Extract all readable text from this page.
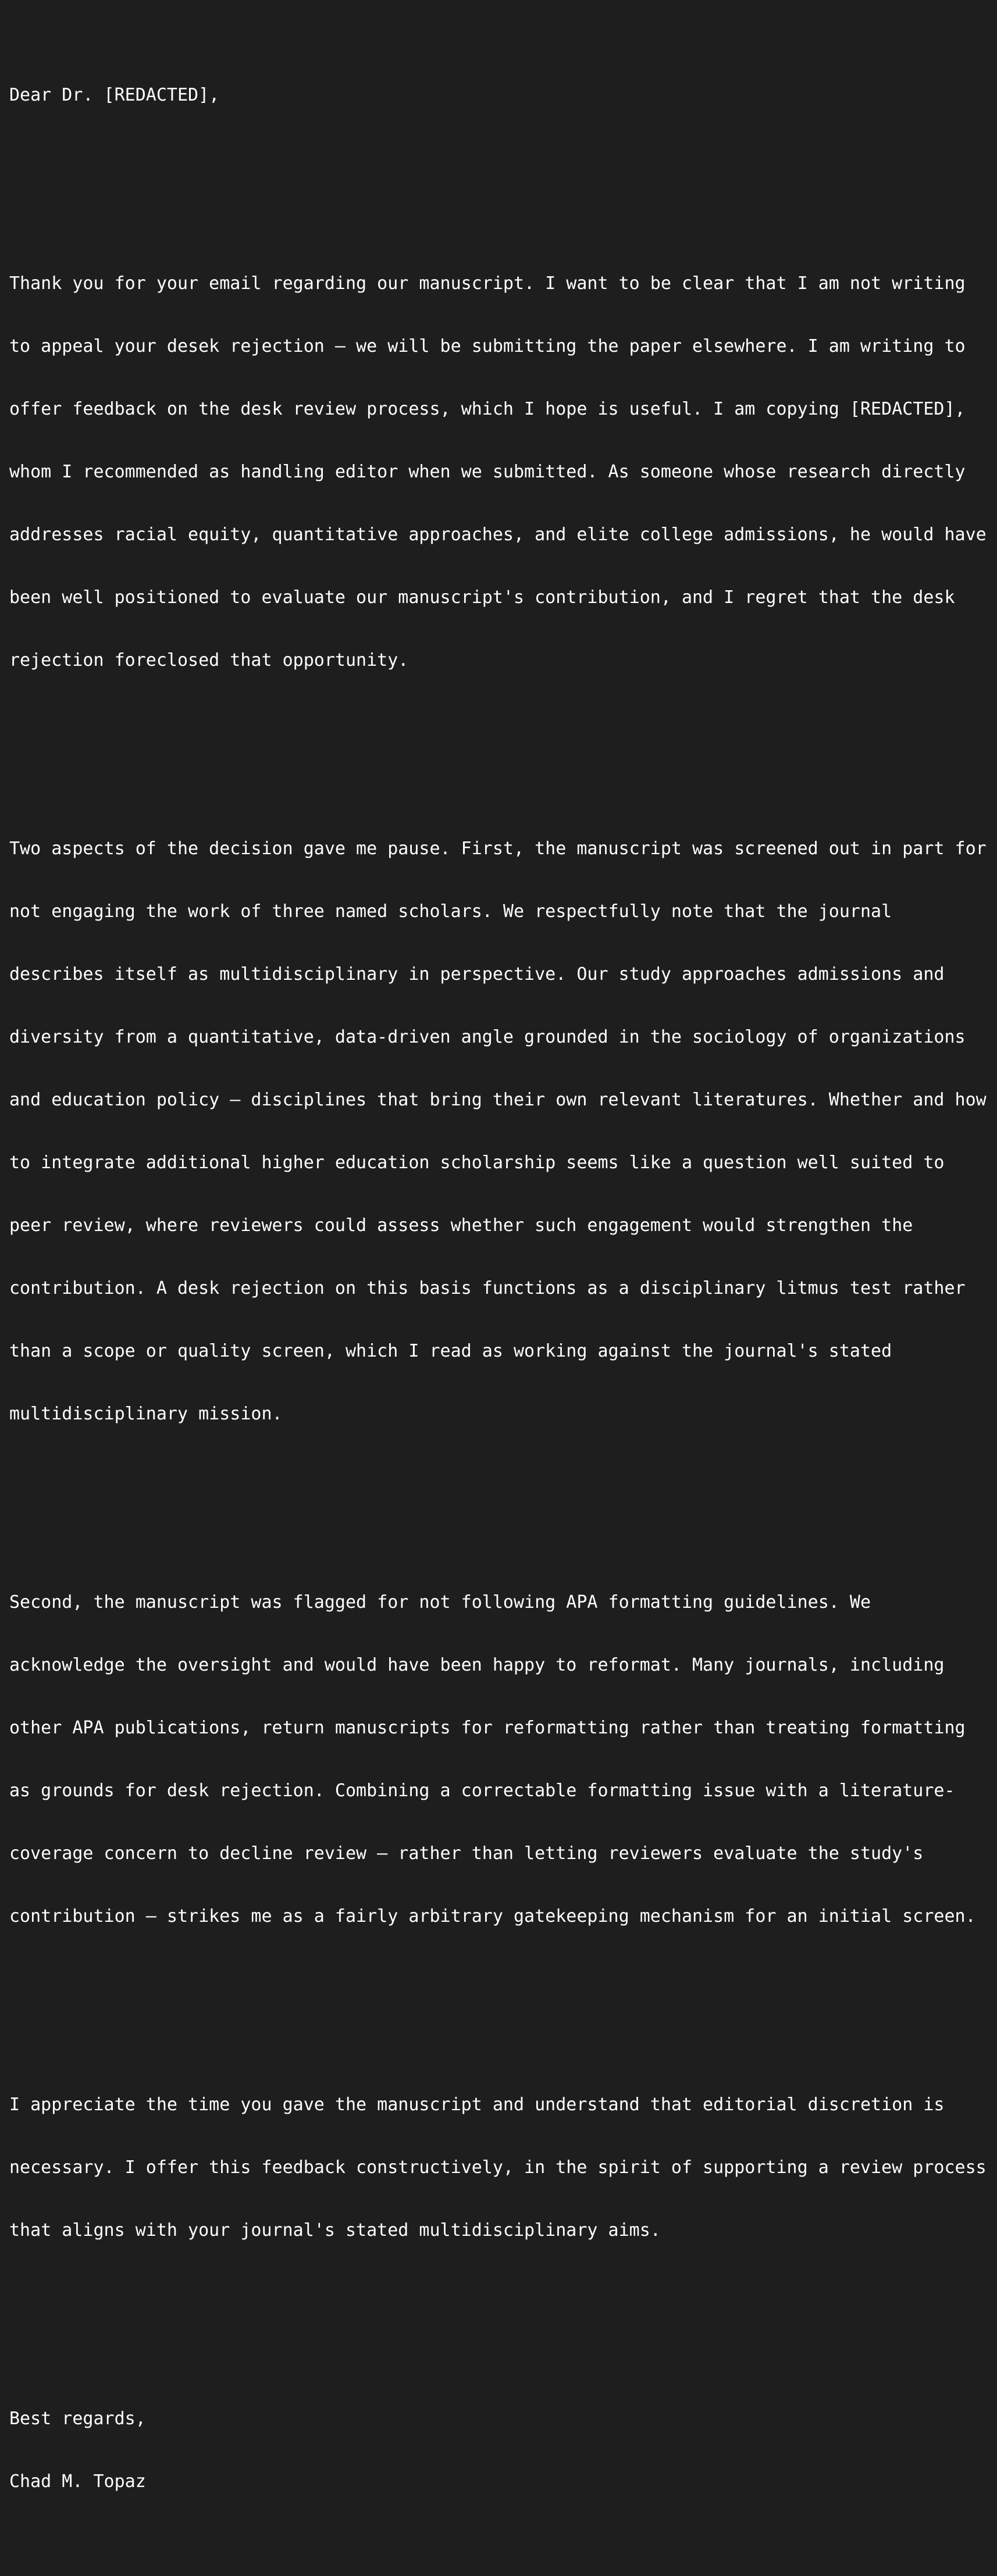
Dear Dr. [REDACTED],

Thank you for your email regarding our manuscript. I want to be clear that I am not writing

to appeal your desek rejection — we will be submitting the paper elsewhere. I am writing to

offer feedback on the desk review process, which I hope is useful. I am copying [REDACTED],

whom I recommended as handling editor when we submitted. As someone whose research directly

addresses racial equity, quantitative approaches, and elite college admissions, he would have

been well positioned to evaluate our manuscript's contribution, and I regret that the desk

rejection foreclosed that opportunity.

Two aspects of the decision gave me pause. First, the manuscript was screened out in part for

not engaging the work of three named scholars. We respectfully note that the journal

describes itself as multidisciplinary in perspective. Our study approaches admissions and

diversity from a quantitative, data-driven angle grounded in the sociology of organizations

and education policy — disciplines that bring their own relevant literatures. Whether and how

to integrate additional higher education scholarship seems like a question well suited to

peer review, where reviewers could assess whether such engagement would strengthen the

contribution. A desk rejection on this basis functions as a disciplinary litmus test rather

than a scope or quality screen, which I read as working against the journal's stated

multidisciplinary mission.

Second, the manuscript was flagged for not following APA formatting guidelines. We

acknowledge the oversight and would have been happy to reformat. Many journals, including

other APA publications, return manuscripts for reformatting rather than treating formatting

as grounds for desk rejection. Combining a correctable formatting issue with a literature-

coverage concern to decline review — rather than letting reviewers evaluate the study's

contribution — strikes me as a fairly arbitrary gatekeeping mechanism for an initial screen.

I appreciate the time you gave the manuscript and understand that editorial discretion is

necessary. I offer this feedback constructively, in the spirit of supporting a review process

that aligns with your journal's stated multidisciplinary aims.

Best regards,

Chad M. Topaz
